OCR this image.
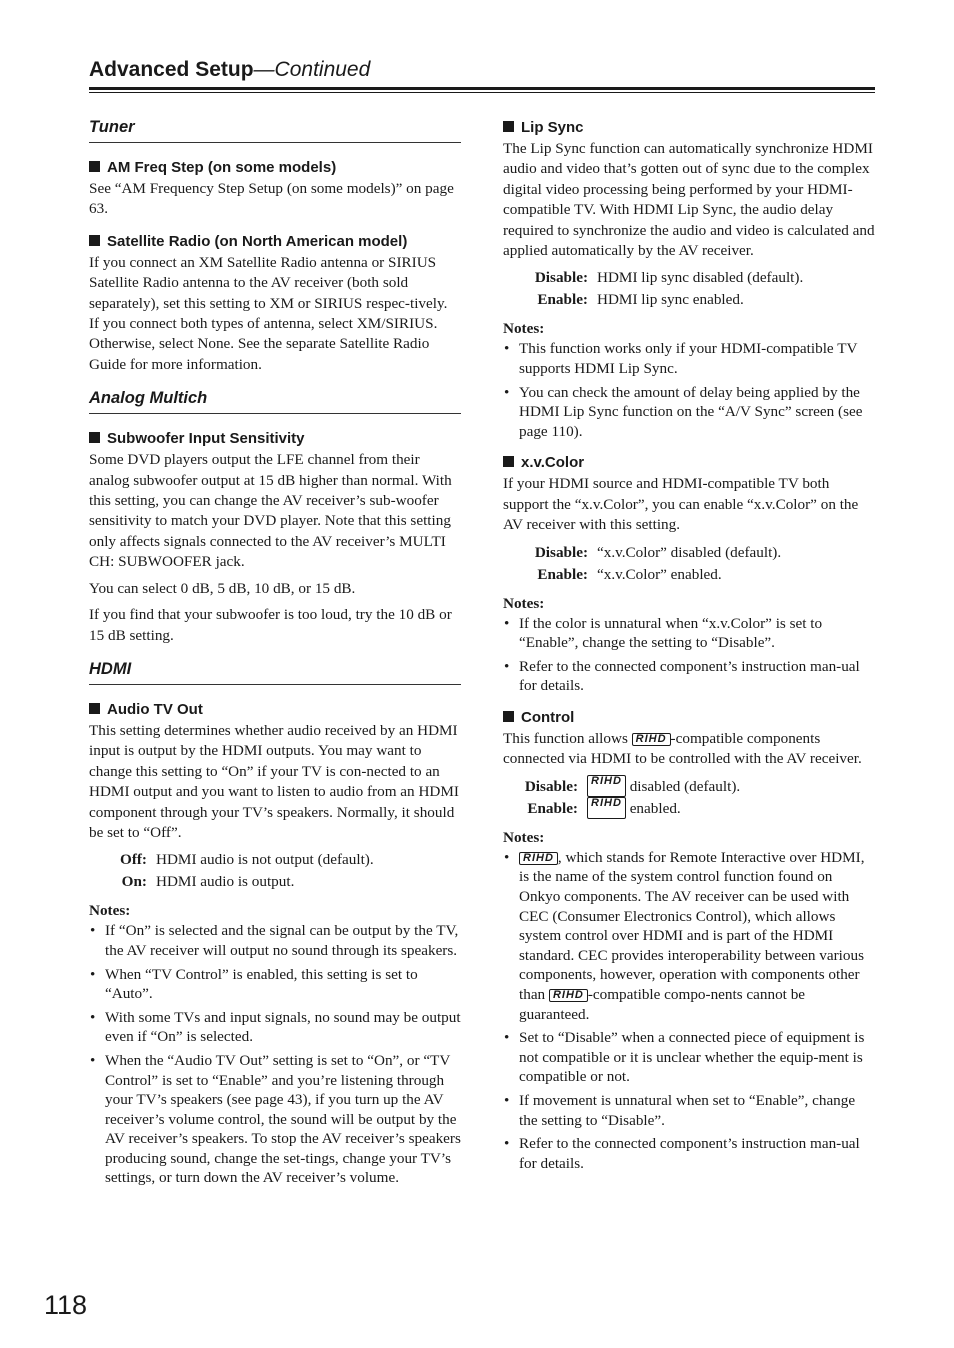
Advanced Setup—Continued
Tuner
AM Freq Step (on some models)

See “AM Frequency Step Setup (on some models)” on page 63.

Satellite Radio (on North American model)

If you connect an XM Satellite Radio antenna or SIRIUS Satellite Radio antenna to the AV receiver (both sold separately), set this setting to XM or SIRIUS respec-tively. If you connect both types of antenna, select XM/SIRIUS. Otherwise, select None. See the separate Satellite Radio Guide for more information.

Analog Multich
Subwoofer Input Sensitivity

Some DVD players output the LFE channel from their analog subwoofer output at 15 dB higher than normal. With this setting, you can change the AV receiver’s sub-woofer sensitivity to match your DVD player. Note that this setting only affects signals connected to the AV receiver’s MULTI CH: SUBWOOFER jack.

You can select 0 dB, 5 dB, 10 dB, or 15 dB.

If you find that your subwoofer is too loud, try the 10 dB or 15 dB setting.

HDMI
Audio TV Out

This setting determines whether audio received by an HDMI input is output by the HDMI outputs. You may want to change this setting to “On” if your TV is con-nected to an HDMI output and you want to listen to audio from an HDMI component through your TV’s speakers. Normally, it should be set to “Off”.

Off: HDMI audio is not output (default).
On: HDMI audio is output.
Notes:
• If “On” is selected and the signal can be output by the TV, the AV receiver will output no sound through its speakers.
• When “TV Control” is enabled, this setting is set to “Auto”.
• With some TVs and input signals, no sound may be output even if “On” is selected.
• When the “Audio TV Out” setting is set to “On”, or “TV Control” is set to “Enable” and you’re listening through your TV’s speakers (see page 43), if you turn up the AV receiver’s volume control, the sound will be output by the AV receiver’s speakers. To stop the AV receiver’s speakers producing sound, change the set-tings, change your TV’s settings, or turn down the AV receiver’s volume.
Lip Sync

The Lip Sync function can automatically synchronize HDMI audio and video that’s gotten out of sync due to the complex digital video processing being performed by your HDMI-compatible TV. With HDMI Lip Sync, the audio delay required to synchronize the audio and video is calculated and applied automatically by the AV receiver.

Disable: HDMI lip sync disabled (default).
Enable: HDMI lip sync enabled.
Notes:
• This function works only if your HDMI-compatible TV supports HDMI Lip Sync.
• You can check the amount of delay being applied by the HDMI Lip Sync function on the “A/V Sync” screen (see page 110).
x.v.Color

If your HDMI source and HDMI-compatible TV both support the “x.v.Color”, you can enable “x.v.Color” on the AV receiver with this setting.

Disable: “x.v.Color” disabled (default).
Enable: “x.v.Color” enabled.
Notes:
• If the color is unnatural when “x.v.Color” is set to “Enable”, change the setting to “Disable”.
• Refer to the connected component’s instruction man-ual for details.
Control

This function allows RIHD -compatible components connected via HDMI to be controlled with the AV receiver.

Disable:	RIHD
disabled (default).
Enable:	RIHD
enabled.
Notes:
• RIHD , which stands for Remote Interactive over HDMI, is the name of the system control function found on Onkyo components. The AV receiver can be used with CEC (Consumer Electronics Control), which allows system control over HDMI and is part of the HDMI standard. CEC provides interoperability between various components, however, operation with components other than RIHD -compatible compo-nents cannot be guaranteed.
• Set to “Disable” when a connected piece of equipment is not compatible or it is unclear whether the equip-ment is compatible or not.
• If movement is unnatural when set to “Enable”, change the setting to “Disable”.
• Refer to the connected component’s instruction man-ual for details.
118
